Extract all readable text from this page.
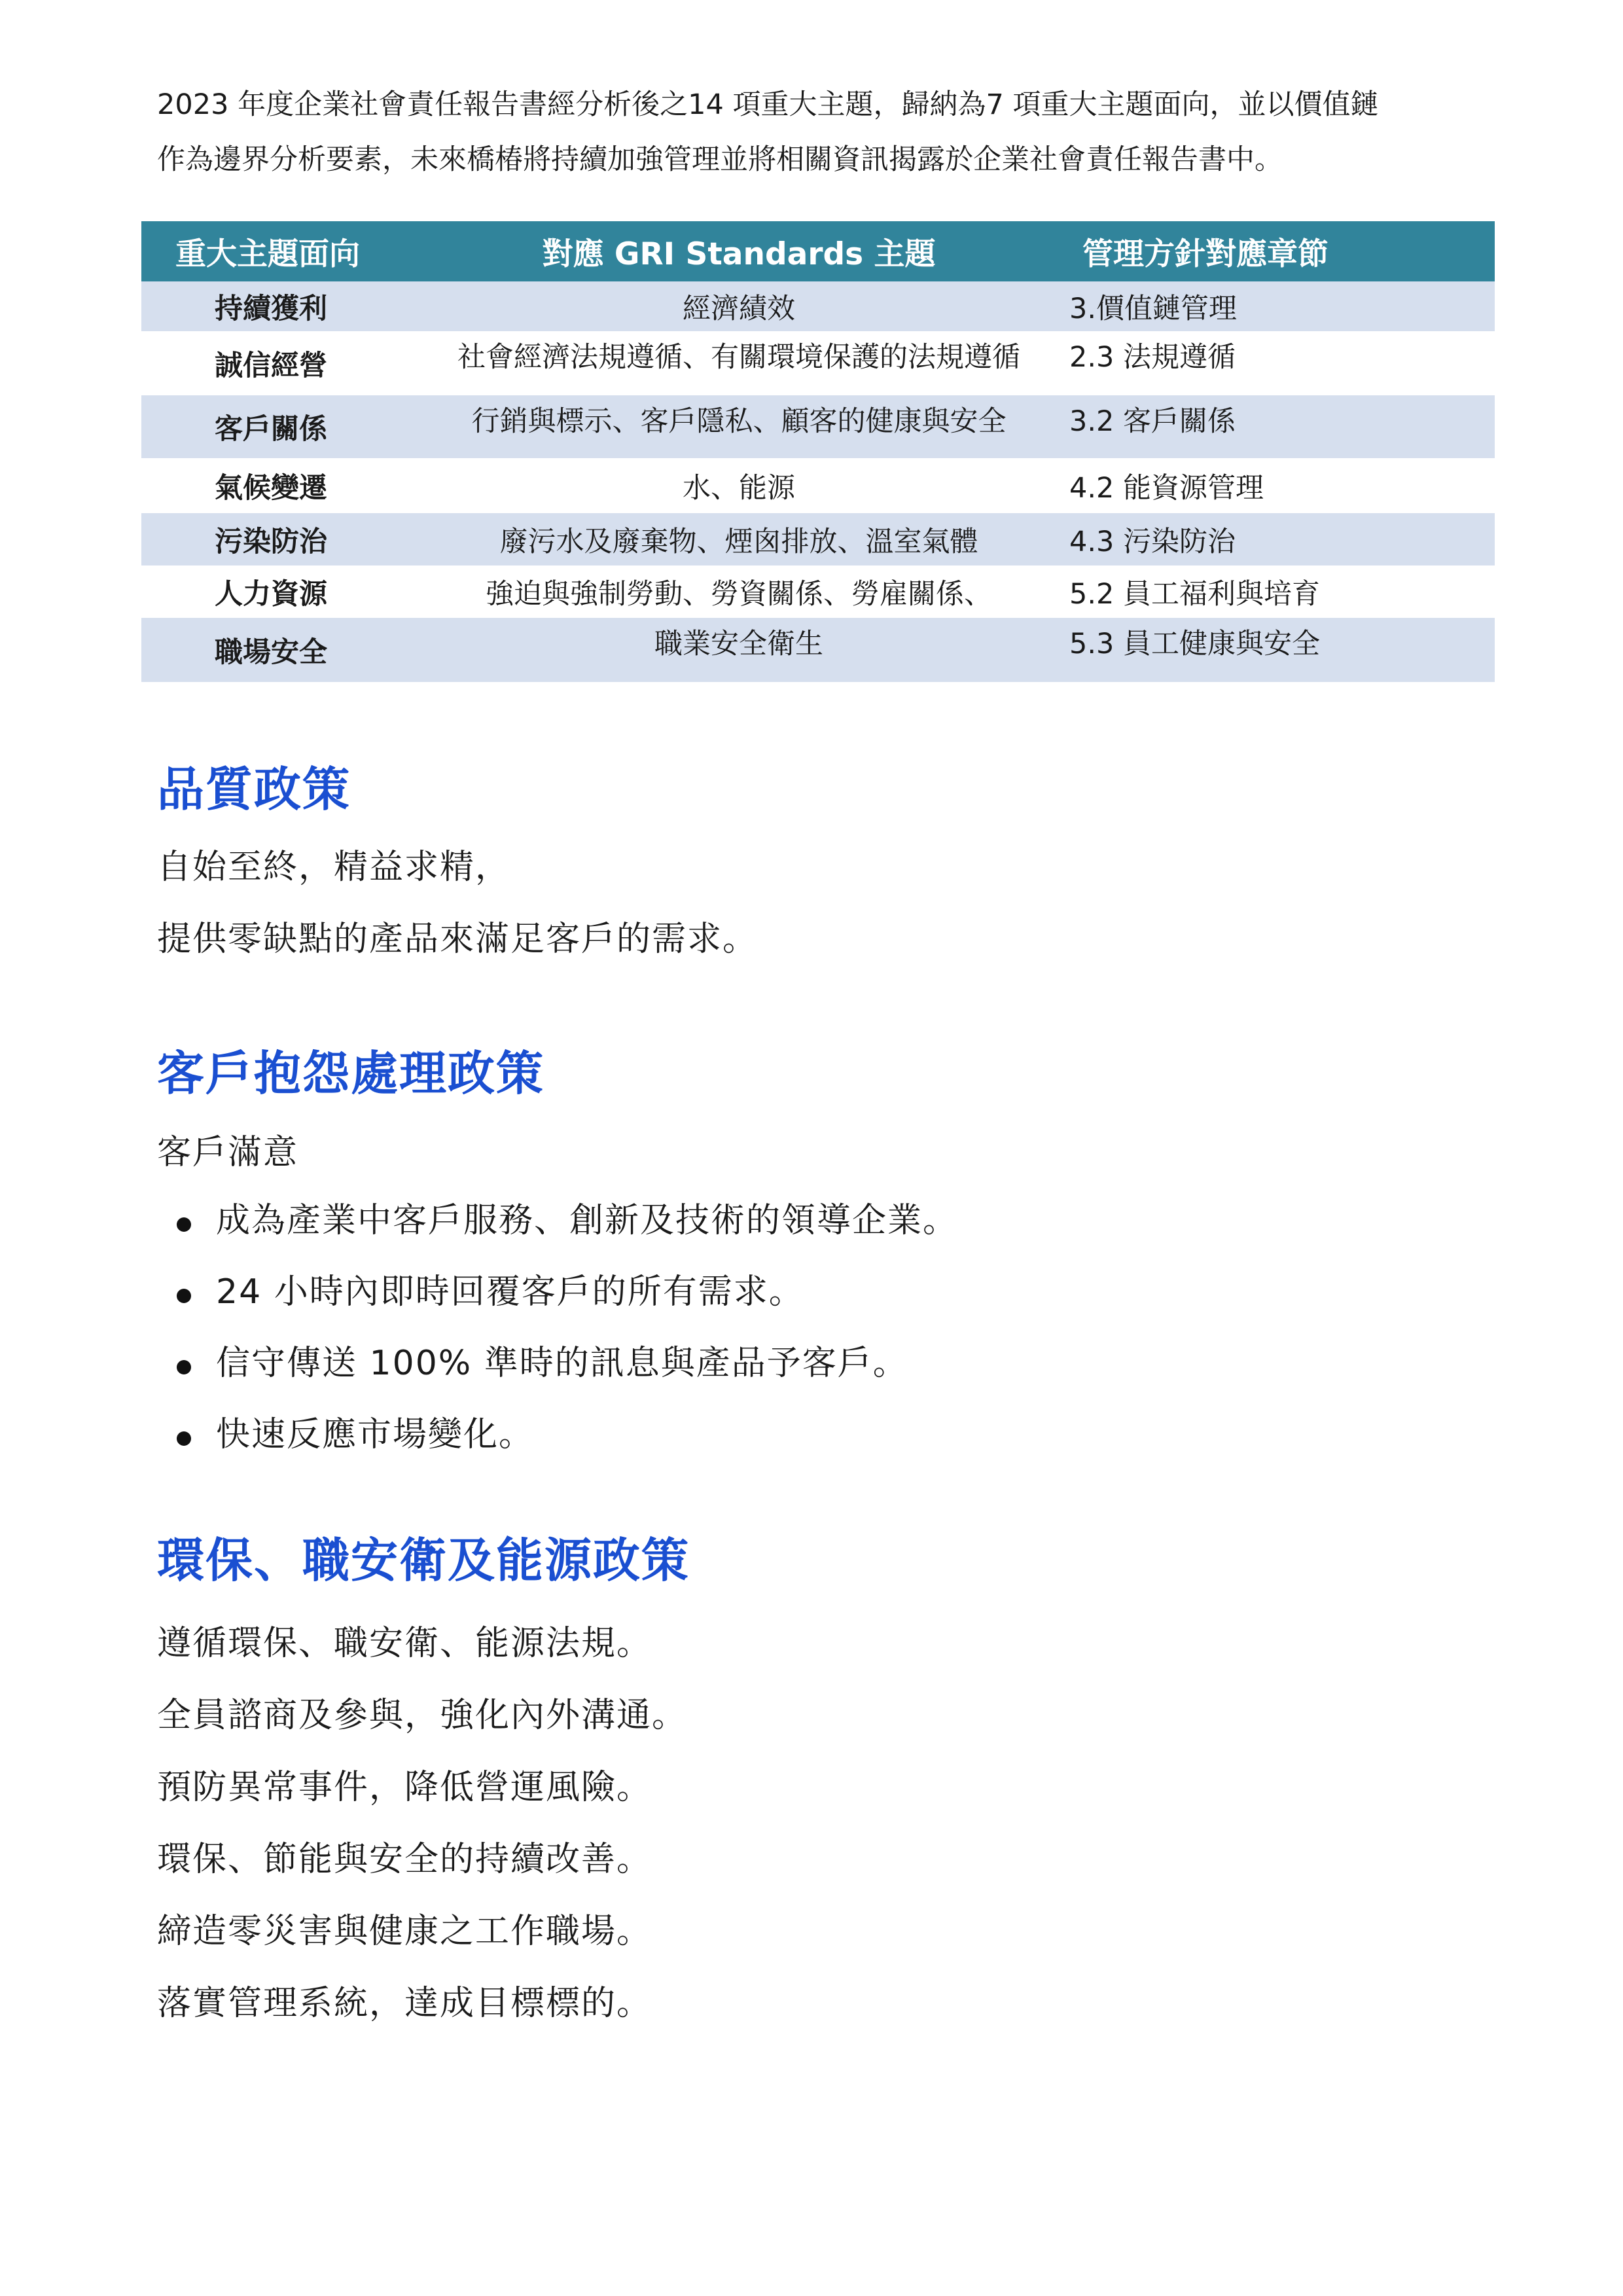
2023 年度企業社會責任報告書經分析後之14 項重大主題，歸納為7 項重大主題面向，並以價值鏈

作為邊界分析要素，未來橋椿將持續加強管理並將相關資訊揭露於企業社會責任報告書中。

重大主題面向	對應 GRI Standards 主題	管理方針對應章節
持續獲利	經濟績效	3.價值鏈管理
誠信經營	社會經濟法規遵循、有關環境保護的法規遵循	2.3 法規遵循
客戶關係	行銷與標示、客戶隱私、顧客的健康與安全	3.2 客戶關係
氣候變遷	水、能源	4.2 能資源管理
污染防治	廢污水及廢棄物、煙囪排放、溫室氣體	4.3 污染防治
人力資源	強迫與強制勞動、勞資關係、勞雇關係、	5.2 員工福利與培育
職場安全	職業安全衛生	5.3 員工健康與安全
品質政策

自始至終，精益求精，

提供零缺點的產品來滿足客戶的需求。

客戶抱怨處理政策

客戶滿意

成為產業中客戶服務、創新及技術的領導企業。
24 小時內即時回覆客戶的所有需求。
信守傳送 100% 準時的訊息與產品予客戶。
快速反應市場變化。
環保、職安衛及能源政策

遵循環保、職安衛、能源法規。

全員諮商及參與，強化內外溝通。

預防異常事件，降低營運風險。

環保、節能與安全的持續改善。

締造零災害與健康之工作職場。

落實管理系統，達成目標標的。
